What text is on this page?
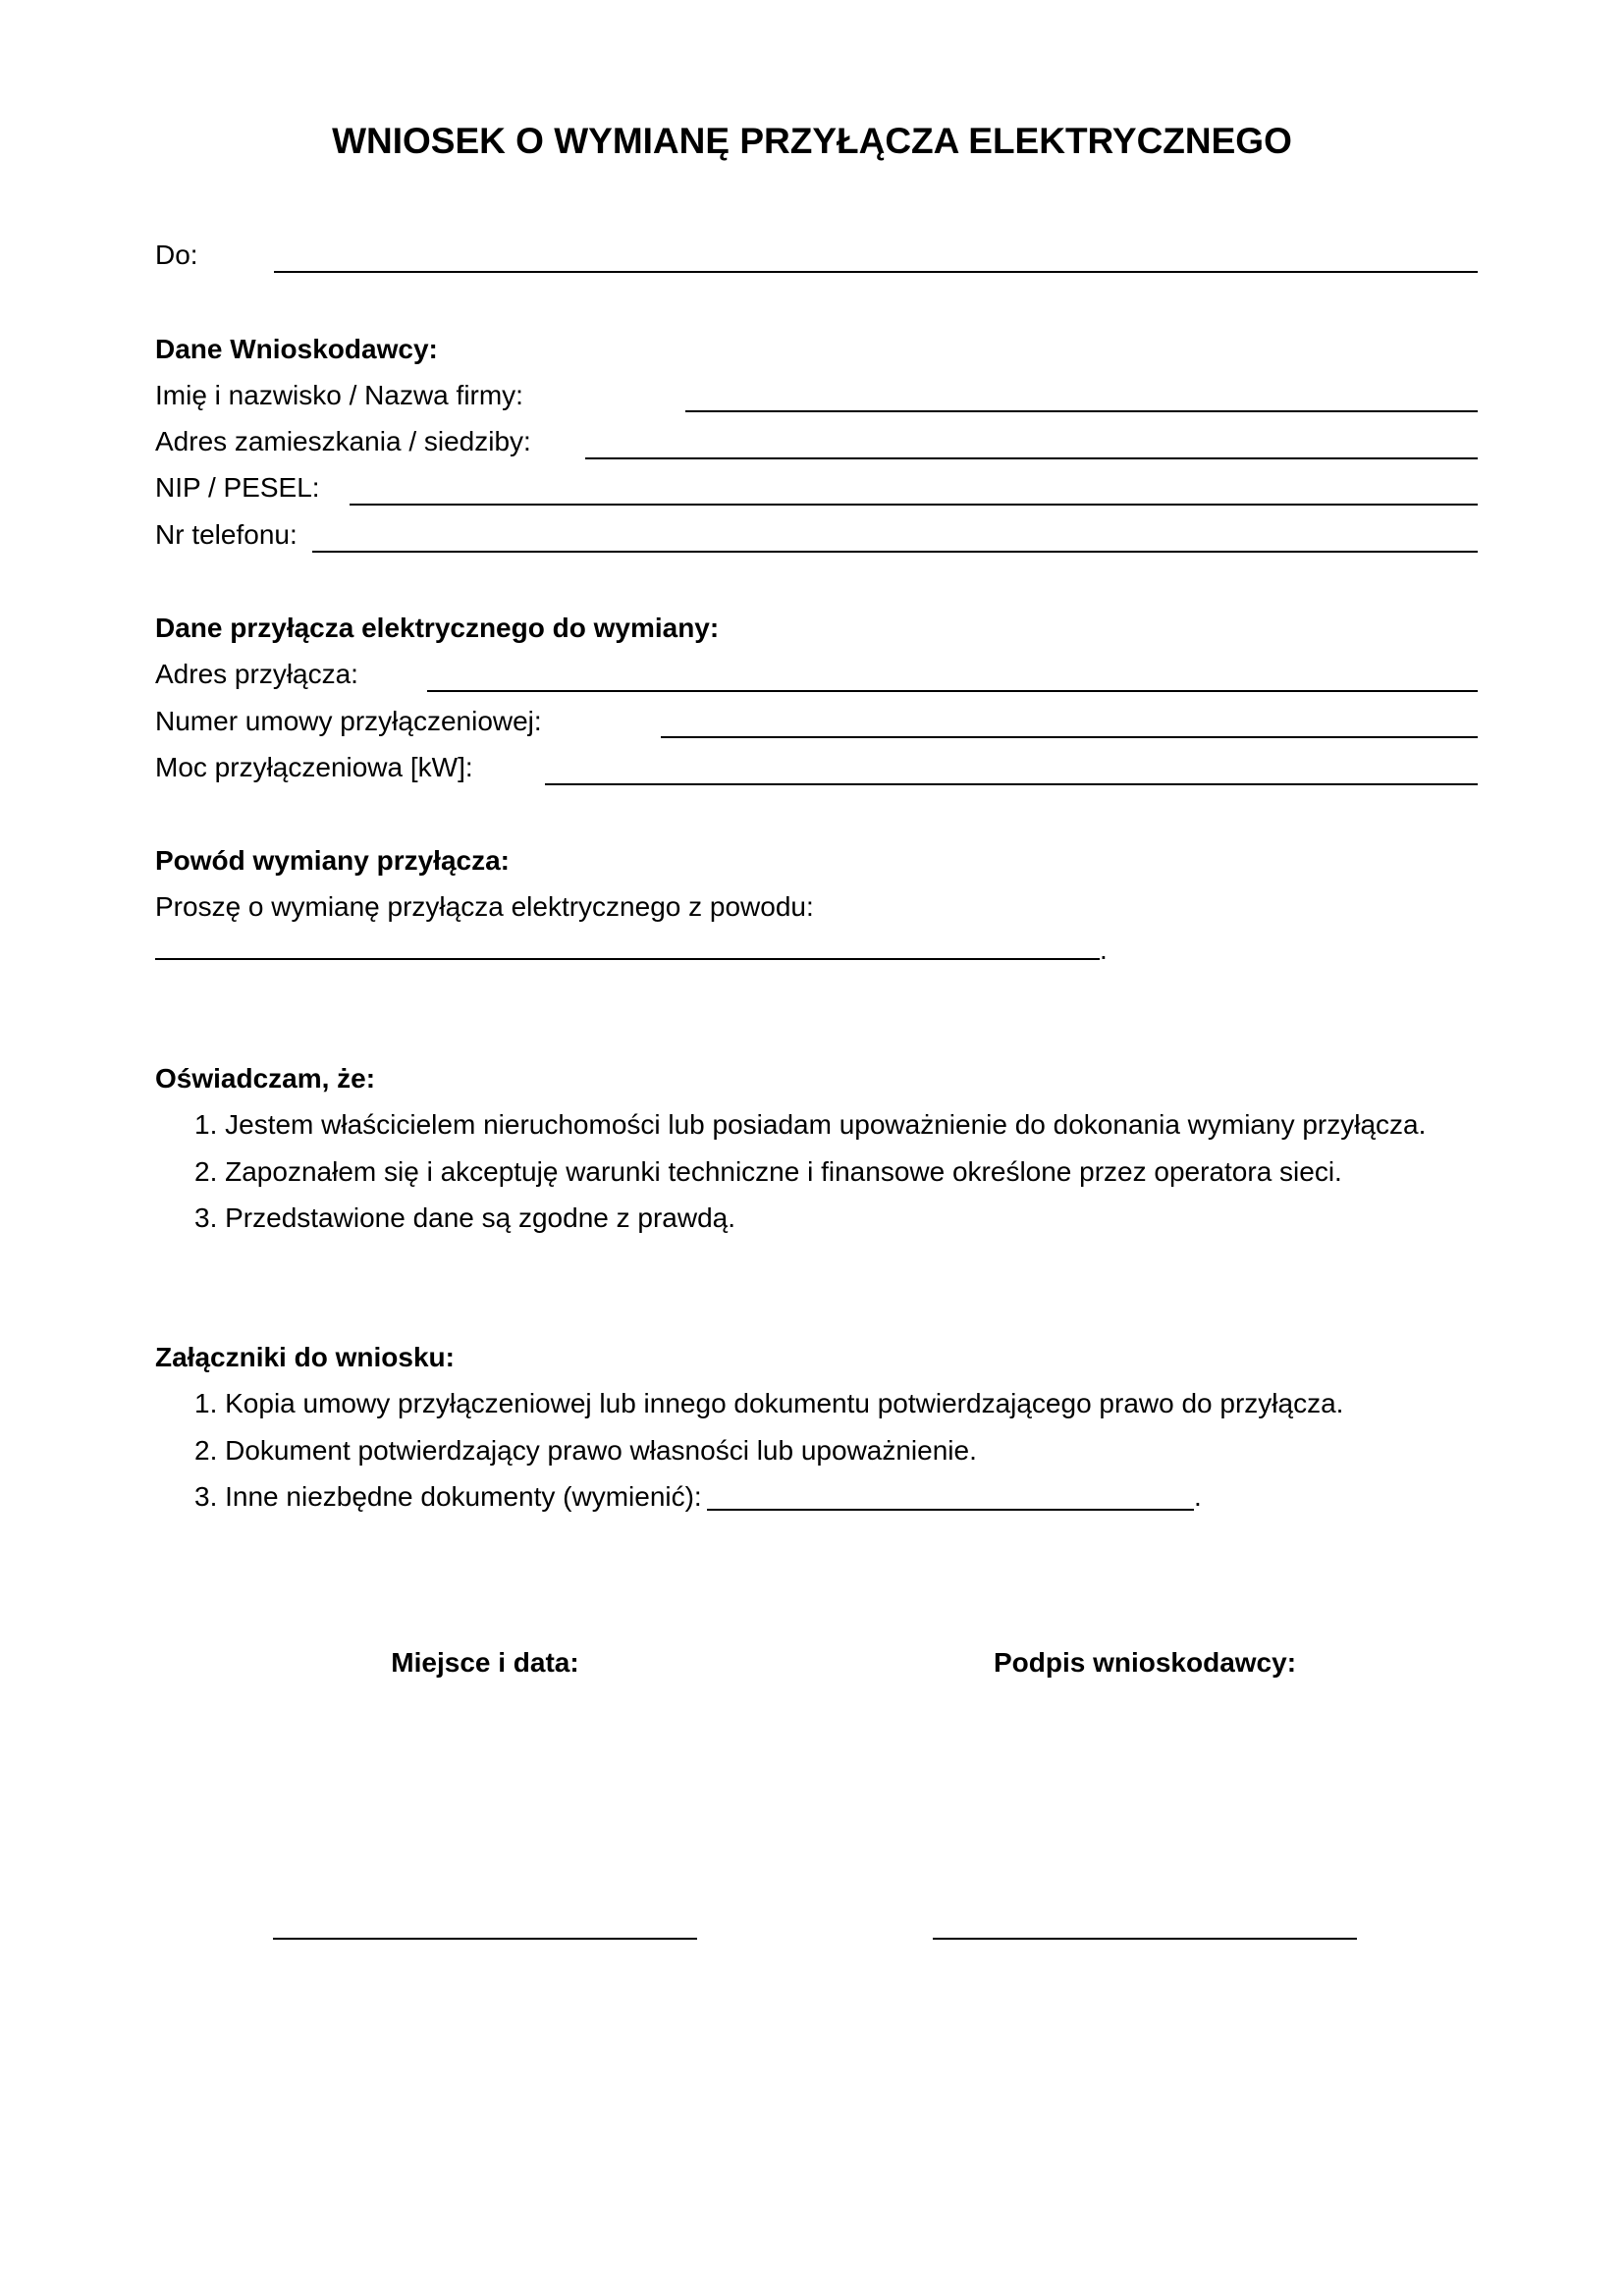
WNIOSEK O WYMIANĘ PRZYŁĄCZA ELEKTRYCZNEGO
Do:
Dane Wnioskodawcy:
Imię i nazwisko / Nazwa firmy:
Adres zamieszkania / siedziby:
NIP / PESEL:
Nr telefonu:
Dane przyłącza elektrycznego do wymiany:
Adres przyłącza:
Numer umowy przyłączeniowej:
Moc przyłączeniowa [kW]:
Powód wymiany przyłącza:
Proszę o wymianę przyłącza elektrycznego z powodu:
.
Oświadczam, że:
1. Jestem właścicielem nieruchomości lub posiadam upoważnienie do dokonania wymiany przyłącza.
2. Zapoznałem się i akceptuję warunki techniczne i finansowe określone przez operatora sieci.
3. Przedstawione dane są zgodne z prawdą.
Załączniki do wniosku:
1. Kopia umowy przyłączeniowej lub innego dokumentu potwierdzającego prawo do przyłącza.
2. Dokument potwierdzający prawo własności lub upoważnienie.
3. Inne niezbędne dokumenty (wymienić):	.
Miejsce i data:	Podpis wnioskodawcy:
